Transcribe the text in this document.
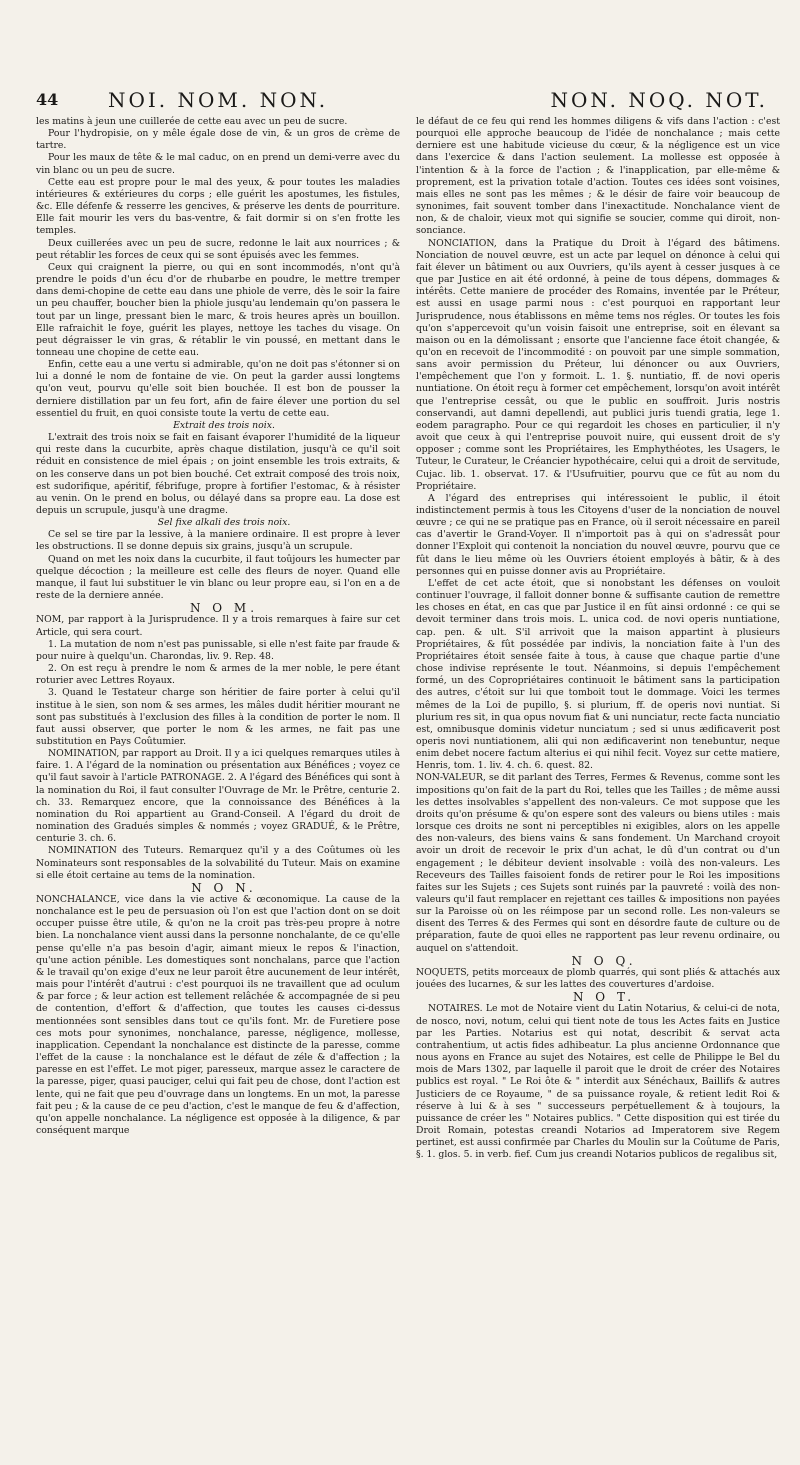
44 NOI. NOM. NON.	NON. NOQ. NOT.

les matins à jeun une cuillerée de cette eau avec un peu de sucre.

Pour l'hydropisie, on y mêle égale dose de vin, & un gros de crème de tartre.

Pour les maux de tête & le mal caduc, on en prend un demi-verre avec du vin blanc ou un peu de sucre.

Cette eau est propre pour le mal des yeux, & pour toutes les maladies intérieures & extérieures du corps ; elle guérit les apostumes, les fistules, &c. Elle défenfe & resserre les gencives, & préserve les dents de pourriture. Elle fait mourir les vers du bas-ventre, & fait dormir si on s'en frotte les temples.

Deux cuillerées avec un peu de sucre, redonne le lait aux nourrices ; & peut rétablir les forces de ceux qui se sont épuisés avec les femmes.

Ceux qui craignent la pierre, ou qui en sont incommodés, n'ont qu'à prendre le poids d'un écu d'or de rhubarbe en poudre, le mettre tremper dans demi-chopine de cette eau dans une phiole de verre, dès le soir la faire un peu chauffer, boucher bien la phiole jusqu'au lendemain qu'on passera le tout par un linge, pressant bien le marc, & trois heures après un bouillon. Elle rafraichit le foye, guérit les playes, nettoye les taches du visage. On peut dégraisser le vin gras, & rétablir le vin poussé, en mettant dans le tonneau une chopine de cette eau.

Enfin, cette eau a une vertu si admirable, qu'on ne doit pas s'étonner si on lui a donné le nom de fontaine de vie. On peut la garder aussi longtems qu'on veut, pourvu qu'elle soit bien bouchée. Il est bon de pousser la derniere distillation par un feu fort, afin de faire élever une portion du sel essentiel du fruit, en quoi consiste toute la vertu de cette eau.

Extrait des trois noix.

L'extrait des trois noix se fait en faisant évaporer l'humidité de la liqueur qui reste dans la cucurbite, après chaque distilation, jusqu'à ce qu'il soit réduit en consistence de miel épais ; on joint ensemble les trois extraits, & on les conserve dans un pot bien bouché. Cet extrait composé des trois noix, est sudorifique, apéritif, fébrifuge, propre à fortifier l'estomac, & à résister au venin. On le prend en bolus, ou délayé dans sa propre eau. La dose est depuis un scrupule, jusqu'à une dragme.

Sel fixe alkali des trois noix.

Ce sel se tire par la lessive, à la maniere ordinaire. Il est propre à lever les obstructions. Il se donne depuis six grains, jusqu'à un scrupule.

Quand on met les noix dans la cucurbite, il faut toûjours les humecter par quelque décoction ; la meilleure est celle des fleurs de noyer. Quand elle manque, il faut lui substituer le vin blanc ou leur propre eau, si l'on en a de reste de la derniere année.

N O M.

NOM, par rapport à la Jurisprudence. Il y a trois remarques à faire sur cet Article, qui sera court.

1. La mutation de nom n'est pas punissable, si elle n'est faite par fraude & pour nuire à quelqu'un. Charondas, liv. 9. Rep. 48.

2. On est reçu à prendre le nom & armes de la mer noble, le pere étant roturier avec Lettres Royaux.

3. Quand le Testateur charge son héritier de faire porter à celui qu'il institue à le sien, son nom & ses armes, les mâles dudit héritier mourant ne sont pas substitués à l'exclusion des filles à la condition de porter le nom. Il faut aussi observer, que porter le nom & les armes, ne fait pas une substitution en Pays Coûtumier.

NOMINATION, par rapport au Droit. Il y a ici quelques remarques utiles à faire. 1. A l'égard de la nomination ou présentation aux Bénéfices ; voyez ce qu'il faut savoir à l'article PATRONAGE. 2. A l'égard des Bénéfices qui sont à la nomination du Roi, il faut consulter l'Ouvrage de Mr. le Prêtre, centurie 2. ch. 33. Remarquez encore, que la connoissance des Bénéfices à la nomination du Roi appartient au Grand-Conseil. A l'égard du droit de nomination des Gradués simples & nommés ; voyez GRADUÉ, & le Prêtre, centurie 3. ch. 6.

NOMINATION des Tuteurs. Remarquez qu'il y a des Coûtumes où les Nominateurs sont responsables de la solvabilité du Tuteur. Mais on examine si elle étoit certaine au tems de la nomination.

N O N.

NONCHALANCE, vice dans la vie active & œconomique. La cause de la nonchalance est le peu de persuasion où l'on est que l'action dont on se doit occuper puisse être utile, & qu'on ne la croit pas très-peu propre à notre bien. La nonchalance vient aussi dans la personne nonchalante, de ce qu'elle pense qu'elle n'a pas besoin d'agir, aimant mieux le repos & l'inaction, qu'une action pénible. Les domestiques sont nonchalans, parce que l'action & le travail qu'on exige d'eux ne leur paroit être aucunement de leur intérêt, mais pour l'intérêt d'autrui : c'est pourquoi ils ne travaillent que ad oculum & par force ; & leur action est tellement relâchée & accompagnée de si peu de contention, d'effort & d'affection, que toutes les causes ci-dessus mentionnées sont sensibles dans tout ce qu'ils font. Mr. de Furetiere pose ces mots pour synonimes, nonchalance, paresse, négligence, mollesse, inapplication. Cependant la nonchalance est distincte de la paresse, comme l'effet de la cause : la nonchalance est le défaut de zéle & d'affection ; la paresse en est l'effet. Le mot piger, paresseux, marque assez le caractere de la paresse, piger, quasi pauciger, celui qui fait peu de chose, dont l'action est lente, qui ne fait que peu d'ouvrage dans un longtems. En un mot, la paresse fait peu ; & la cause de ce peu d'action, c'est le manque de feu & d'affection, qu'on appelle nonchalance. La négligence est opposée à la diligence, & par conséquent marque

le défaut de ce feu qui rend les hommes diligens & vifs dans l'action : c'est pourquoi elle approche beaucoup de l'idée de nonchalance ; mais cette derniere est une habitude vicieuse du cœur, & la négligence est un vice dans l'exercice & dans l'action seulement. La mollesse est opposée à l'intention & à la force de l'action ; & l'inapplication, par elle-même & proprement, est la privation totale d'action. Toutes ces idées sont voisines, mais elles ne sont pas les mêmes ; & le désir de faire voir beaucoup de synonimes, fait souvent tomber dans l'inexactitude. Nonchalance vient de non, & de chaloir, vieux mot qui signifie se soucier, comme qui diroit, non-sonciance.

NONCIATION, dans la Pratique du Droit à l'égard des bâtimens. Nonciation de nouvel œuvre, est un acte par lequel on dénonce à celui qui fait élever un bâtiment ou aux Ouvriers, qu'ils ayent à cesser jusques à ce que par Justice en ait été ordonné, à peine de tous dépens, dommages & intérêts. Cette maniere de procéder des Romains, inventée par le Préteur, est aussi en usage parmi nous : c'est pourquoi en rapportant leur Jurisprudence, nous établissons en même tems nos régles. Or toutes les fois qu'on s'appercevoit qu'un voisin faisoit une entreprise, soit en élevant sa maison ou en la démolissant ; ensorte que l'ancienne face étoit changée, & qu'on en recevoit de l'incommodité : on pouvoit par une simple sommation, sans avoir permission du Préteur, lui dénoncer ou aux Ouvriers, l'empêchement que l'on y formoit. L. 1. §. nuntiatio, ff. de novi operis nuntiatione. On étoit reçu à former cet empêchement, lorsqu'on avoit intérêt que l'entreprise cessât, ou que le public en souffroit. Juris nostris conservandi, aut damni depellendi, aut publici juris tuendi gratia, lege 1. eodem paragrapho. Pour ce qui regardoit les choses en particulier, il n'y avoit que ceux à qui l'entreprise pouvoit nuire, qui eussent droit de s'y opposer ; comme sont les Propriétaires, les Emphythéotes, les Usagers, le Tuteur, le Curateur, le Créancier hypothécaire, celui qui a droit de servitude, Cujac. lib. 1. observat. 17. & l'Usufruitier, pourvu que ce fût au nom du Propriétaire.

A l'égard des entreprises qui intéressoient le public, il étoit indistinctement permis à tous les Citoyens d'user de la nonciation de nouvel œuvre ; ce qui ne se pratique pas en France, où il seroit nécessaire en pareil cas d'avertir le Grand-Voyer. Il n'importoit pas à qui on s'adressât pour donner l'Exploit qui contenoit la nonciation du nouvel œuvre, pourvu que ce fût dans le lieu même où les Ouvriers étoient employés à bâtir, & à des personnes qui en puisse donner avis au Propriétaire.

L'effet de cet acte étoit, que si nonobstant les défenses on vouloit continuer l'ouvrage, il falloit donner bonne & suffisante caution de remettre les choses en état, en cas que par Justice il en fût ainsi ordonné : ce qui se devoit terminer dans trois mois. L. unica cod. de novi operis nuntiatione, cap. pen. & ult. S'il arrivoit que la maison appartint à plusieurs Propriétaires, & fût possédée par indivis, la nonciation faite à l'un des Propriétaires étoit sensée faite à tous, à cause que chaque partie d'une chose indivise représente le tout. Néanmoins, si depuis l'empêchement formé, un des Copropriétaires continuoit le bâtiment sans la participation des autres, c'étoit sur lui que tomboit tout le dommage. Voici les termes mêmes de la Loi de pupillo, §. si plurium, ff. de operis novi nuntiat. Si plurium res sit, in qua opus novum fiat & uni nunciatur, recte facta nunciatio est, omnibusque dominis videtur nunciatum ; sed si unus ædificaverit post operis novi nuntiationem, alii qui non ædificaverint non tenebuntur, neque enim debet nocere factum alterius ei qui nihil fecit. Voyez sur cette matiere, Henris, tom. 1. liv. 4. ch. 6. quest. 82.

NON-VALEUR, se dit parlant des Terres, Fermes & Revenus, comme sont les impositions qu'on fait de la part du Roi, telles que les Tailles ; de même aussi les dettes insolvables s'appellent des non-valeurs. Ce mot suppose que les droits qu'on présume & qu'on espere sont des valeurs ou biens utiles : mais lorsque ces droits ne sont ni perceptibles ni exigibles, alors on les appelle des non-valeurs, des biens vains & sans fondement. Un Marchand croyoit avoir un droit de recevoir le prix d'un achat, le dû d'un contrat ou d'un engagement ; le débiteur devient insolvable : voilà des non-valeurs. Les Receveurs des Tailles faisoient fonds de retirer pour le Roi les impositions faites sur les Sujets ; ces Sujets sont ruinés par la pauvreté : voilà des non-valeurs qu'il faut remplacer en rejettant ces tailles & impositions non payées sur la Paroisse où on les réimpose par un second rolle. Les non-valeurs se disent des Terres & des Fermes qui sont en désordre faute de culture ou de préparation, faute de quoi elles ne rapportent pas leur revenu ordinaire, ou auquel on s'attendoit.

N O Q.

NOQUETS, petits morceaux de plomb quarrés, qui sont pliés & attachés aux jouées des lucarnes, & sur les lattes des couvertures d'ardoise.

N O T.

NOTAIRES. Le mot de Notaire vient du Latin Notarius, & celui-ci de nota, de nosco, novi, notum, celui qui tient note de tous les Actes faits en Justice par les Parties. Notarius est qui notat, describit & servat acta contrahentium, ut actis fides adhibeatur. La plus ancienne Ordonnance que nous ayons en France au sujet des Notaires, est celle de Philippe le Bel du mois de Mars 1302, par laquelle il paroit que le droit de créer des Notaires publics est royal. " Le Roi ôte & " interdit aux Sénéchaux, Baillifs & autres Justiciers de ce Royaume, " de sa puissance royale, & retient ledit Roi & réserve à lui & à ses " successeurs perpétuellement & à toujours, la puissance de créer les " Notaires publics. " Cette disposition qui est tirée du Droit Romain, potestas creandi Notarios ad Imperatorem sive Regem pertinet, est aussi confirmée par Charles du Moulin sur la Coûtume de Paris, §. 1. glos. 5. in verb. fief. Cum jus creandi Notarios publicos de regalibus sit,
